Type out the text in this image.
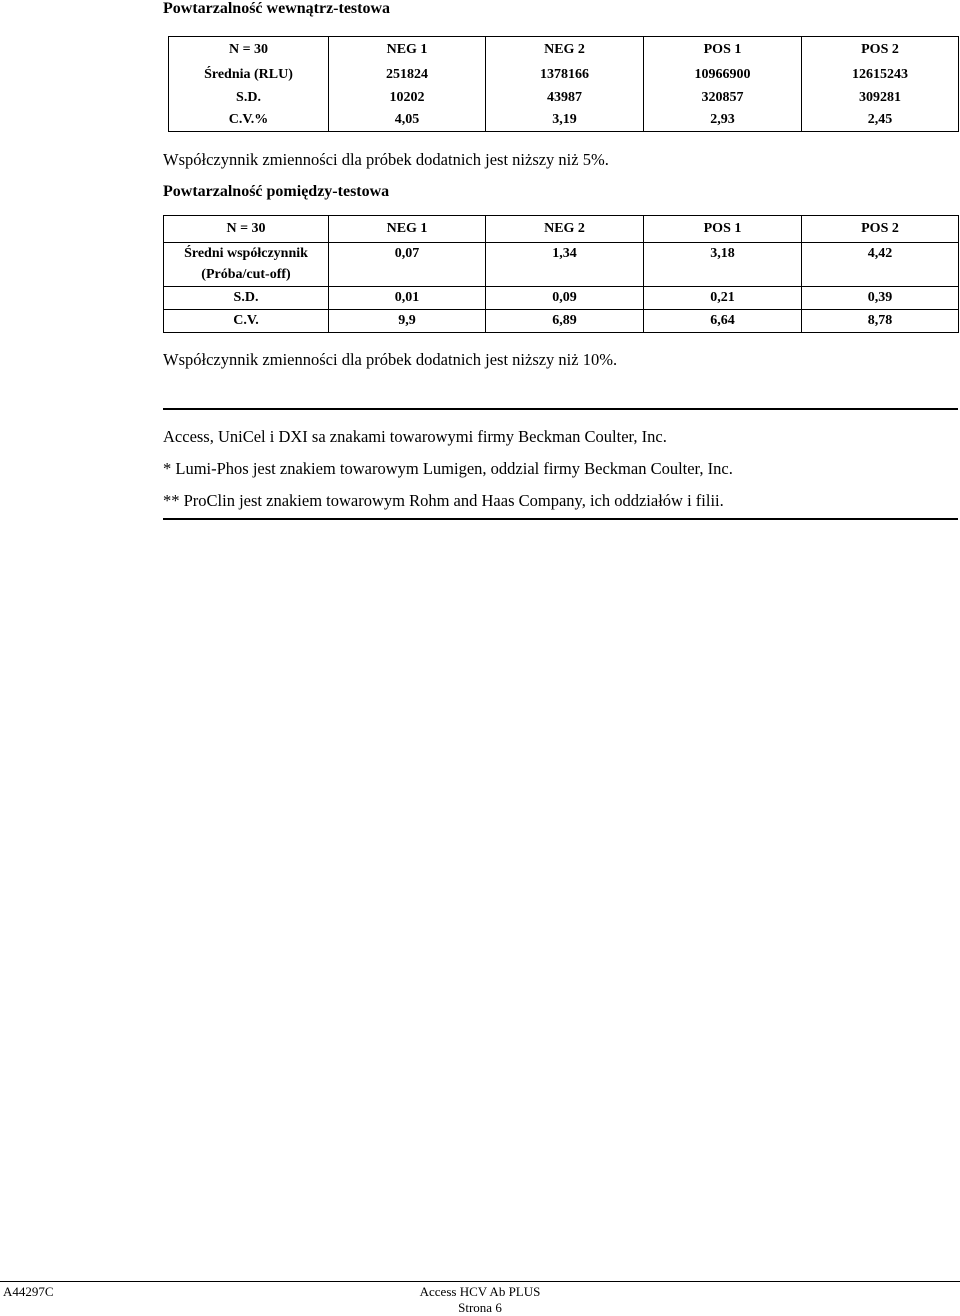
Powtarzalność wewnątrz-testowa
N = 30	NEG 1	NEG 2	POS 1	POS 2
Średnia (RLU)	251824	1378166	10966900	12615243
S.D.	10202	43987	320857	309281
C.V.%	4,05	3,19	2,93	2,45
Współczynnik zmienności dla próbek dodatnich jest niższy niż 5%.
Powtarzalność pomiędzy-testowa
N = 30	NEG 1	NEG 2	POS 1	POS 2
Średni współczynnik	0,07	1,34	3,18	4,42
(Próba/cut-off)				
S.D.	0,01	0,09	0,21	0,39
C.V.	9,9	6,89	6,64	8,78
Współczynnik zmienności dla próbek dodatnich jest niższy niż 10%.
Access, UniCel i DXI sa znakami towarowymi firmy Beckman Coulter, Inc.
* Lumi-Phos jest znakiem towarowym Lumigen, oddzial firmy Beckman Coulter, Inc.
** ProClin jest znakiem towarowym Rohm and Haas Company, ich oddziałów i filii.
A44297C	Access HCV Ab PLUS
Strona 6
